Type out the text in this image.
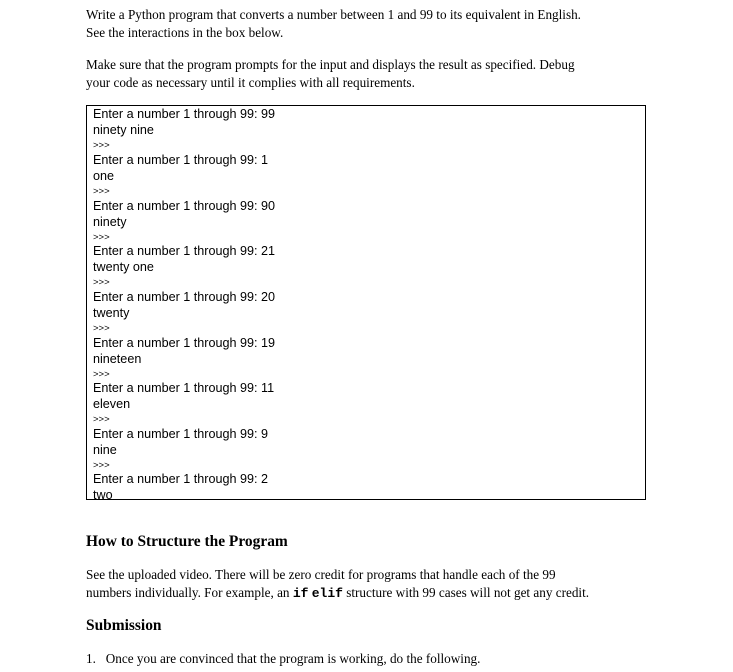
Write a Python program that converts a number between 1 and 99 to its equivalent in English.
See the interactions in the box below.

Make sure that the program prompts for the input and displays the result as specified. Debug
your code as necessary until it complies with all requirements.

Enter a number 1 through 99: 99
ninety nine
>>>
Enter a number 1 through 99: 1
one
>>>
Enter a number 1 through 99: 90
ninety
>>>
Enter a number 1 through 99: 21
twenty one
>>>
Enter a number 1 through 99: 20
twenty
>>>
Enter a number 1 through 99: 19
nineteen
>>>
Enter a number 1 through 99: 11
eleven
>>>
Enter a number 1 through 99: 9
nine
>>>
Enter a number 1 through 99: 2
two
How to Structure the Program

See the uploaded video. There will be zero credit for programs that handle each of the 99
numbers individually. For example, an if elif structure with 99 cases will not get any credit.

Submission

1. Once you are convinced that the program is working, do the following.
